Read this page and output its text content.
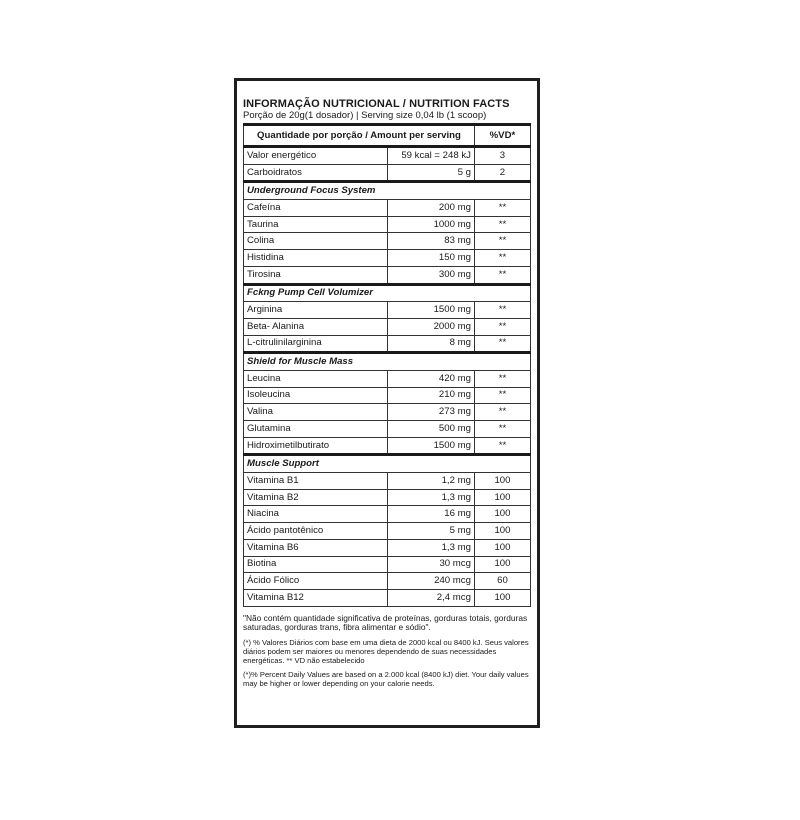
INFORMAÇÃO NUTRICIONAL / NUTRITION FACTS
Porção de 20g(1 dosador) | Serving size 0,04 lb (1 scoop)
Quantidade por porção / Amount per serving		%VD*
Valor energético	59 kcal = 248 kJ	3
Carboidratos	5 g	2
Underground Focus System		
Cafeína	200 mg	**
Taurina	1000 mg	**
Colina	83 mg	**
Histidina	150 mg	**
Tirosina	300 mg	**
Fckng Pump Cell Volumizer		
Arginina	1500 mg	**
Beta- Alanina	2000 mg	**
L-citrulinilarginina	8 mg	**
Shield for Muscle Mass		
Leucina	420 mg	**
Isoleucina	210 mg	**
Valina	273 mg	**
Glutamina	500 mg	**
Hidroximetilbutirato	1500 mg	**
Muscle Support		
Vitamina B1	1,2 mg	100
Vitamina B2	1,3 mg	100
Niacina	16 mg	100
Ácido pantotênico	5 mg	100
Vitamina B6	1,3 mg	100
Biotina	30 mcg	100
Ácido Fólico	240 mcg	60
Vitamina B12	2,4 mcg	100

"Não contém quantidade significativa de proteínas, gorduras totais, gorduras saturadas, gorduras trans, fibra alimentar e sódio".

(*) % Valores Diários com base em uma dieta de 2000 kcal ou 8400 kJ. Seus valores diários podem ser maiores ou menores dependendo de suas necessidades energéticas. ** VD não estabelecido

(*)% Percent Daily Values are based on a 2.000 kcal (8400 kJ) diet. Your daily values may be higher or lower depending on your calorie needs.
